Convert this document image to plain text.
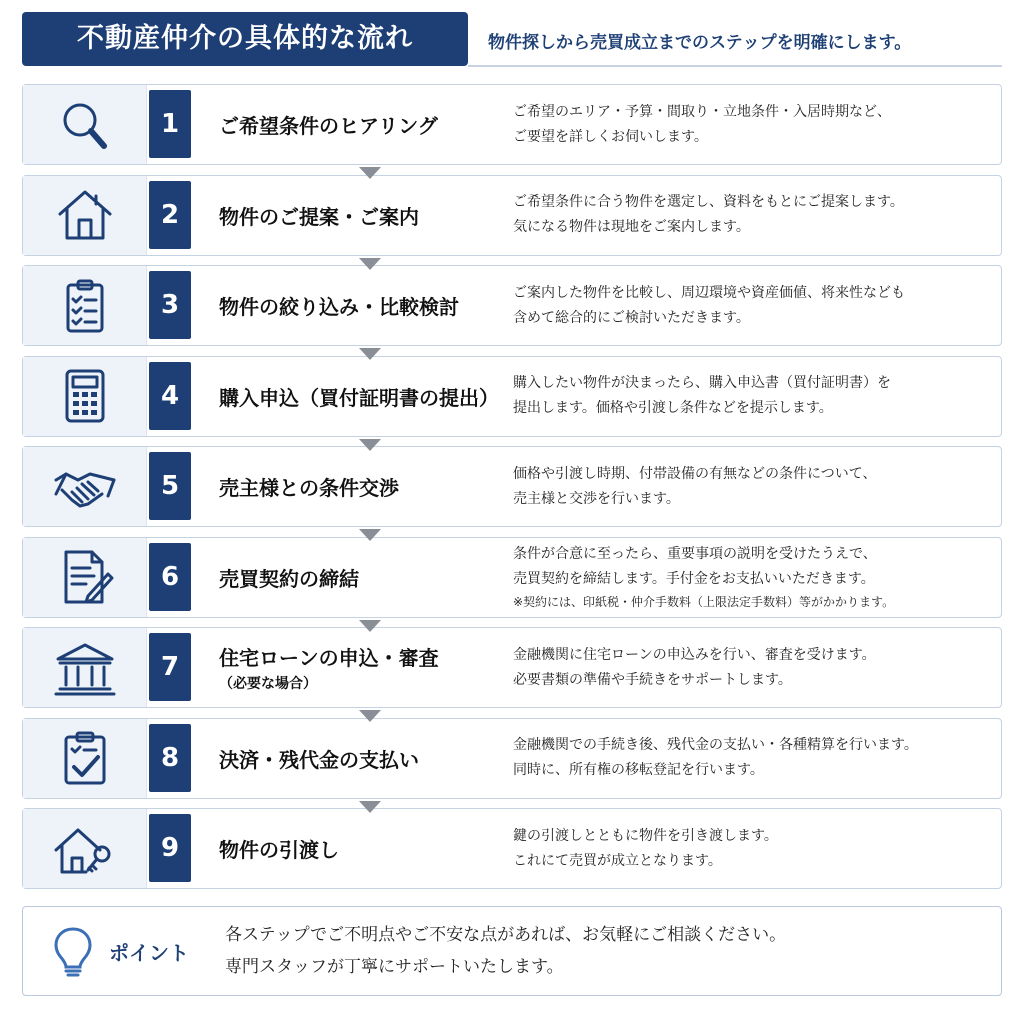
不動産仲介の具体的な流れ	物件探しから売買成立までのステップを明確にします。
1	ご希望条件のヒアリング
ご希望のエリア・予算・間取り・立地条件・入居時期など、
ご要望を詳しくお伺いします。
2	物件のご提案・ご案内
ご希望条件に合う物件を選定し、資料をもとにご提案します。
気になる物件は現地をご案内します。
3	物件の絞り込み・比較検討
ご案内した物件を比較し、周辺環境や資産価値、将来性なども
含めて総合的にご検討いただきます。
4	購入申込（買付証明書の提出）
購入したい物件が決まったら、購入申込書（買付証明書）を
提出します。価格や引渡し条件などを提示します。
5	売主様との条件交渉
価格や引渡し時期、付帯設備の有無などの条件について、
売主様と交渉を行います。
6	売買契約の締結
条件が合意に至ったら、重要事項の説明を受けたうえで、
売買契約を締結します。手付金をお支払いいただきます。
※契約には、印紙税・仲介手数料（上限法定手数料）等がかかります。
7	住宅ローンの申込・審査
（必要な場合）
金融機関に住宅ローンの申込みを行い、審査を受けます。
必要書類の準備や手続きをサポートします。
8	決済・残代金の支払い
金融機関での手続き後、残代金の支払い・各種精算を行います。
同時に、所有権の移転登記を行います。
9	物件の引渡し
鍵の引渡しとともに物件を引き渡します。
これにて売買が成立となります。
ポイント
各ステップでご不明点やご不安な点があれば、お気軽にご相談ください。
専門スタッフが丁寧にサポートいたします。
